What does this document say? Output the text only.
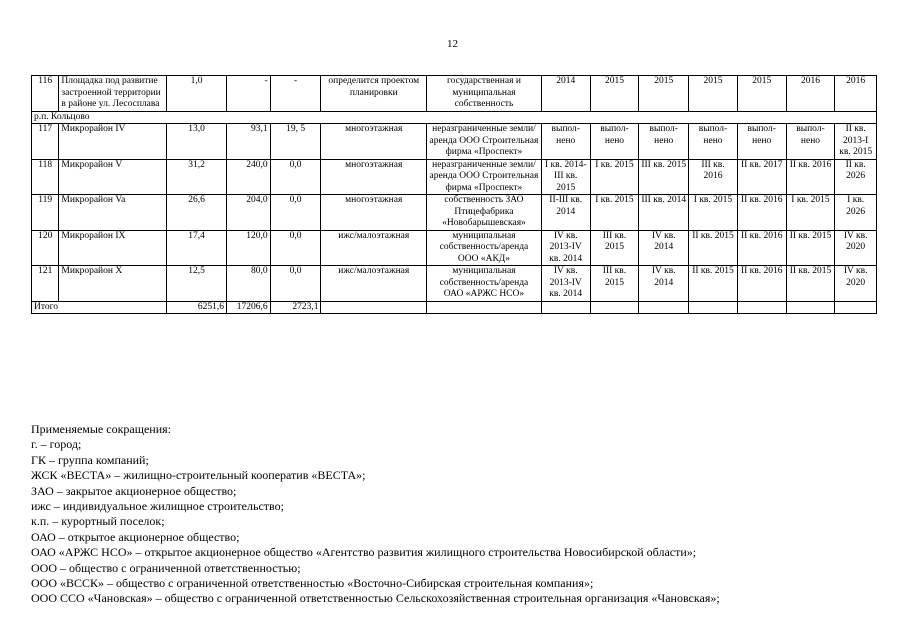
12
116	Площадка под развитие застроенной территории в районе ул. Лесосплава	1,0	-	-	определится проектом планировки	государственная и муниципальная собственность	2014	2015	2015	2015	2015	2016	2016
р.п. Кольцово													
117	Микрорайон IV	13,0	93,1	19, 5	многоэтажная	неразграниченные земли/аренда ООО Строительная фирма «Проспект»	выпол-нено	выпол-нено	выпол-нено	выпол-нено	выпол-нено	выпол-нено	II кв. 2013-I кв. 2015
118	Микрорайон V	31,2	240,0	0,0	многоэтажная	неразграниченные земли/аренда ООО Строительная фирма «Проспект»	I кв. 2014-III кв. 2015	I кв. 2015	III кв. 2015	III кв. 2016	II кв. 2017	II кв. 2016	II кв. 2026
119	Микрорайон Va	26,6	204,0	0,0	многоэтажная	собственность ЗАО Птицефабрика «Новобарышевская»	II-III кв. 2014	I кв. 2015	III кв. 2014	I кв. 2015	II кв. 2016	I кв. 2015	I кв. 2026
120	Микрорайон IX	17,4	120,0	0,0	ижс/малоэтажная	муниципальная собственность/аренда ООО «АКД»	IV кв. 2013-IV кв. 2014	III кв. 2015	IV кв. 2014	II кв. 2015	II кв. 2016	II кв. 2015	IV кв. 2020
121	Микрорайон X	12,5	80,0	0,0	ижс/малоэтажная	муниципальная собственность/аренда ОАО «АРЖС НСО»	IV кв. 2013-IV кв. 2014	III кв. 2015	IV кв. 2014	II кв. 2015	II кв. 2016	II кв. 2015	IV кв. 2020
Итого		6251,6	17206,6	2723,1									
Применяемые сокращения:
г. – город;
ГК – группа компаний;
ЖСК «ВЕСТА» – жилищно-строительный кооператив «ВЕСТА»;
ЗАО – закрытое акционерное общество;
ижс – индивидуальное жилищное строительство;
к.п. – курортный поселок;
ОАО – открытое акционерное общество;
ОАО «АРЖС НСО» – открытое акционерное общество «Агентство развития жилищного строительства Новосибирской области»;
ООО – общество с ограниченной ответственностью;
ООО «ВССК» – общество с ограниченной ответственностью «Восточно-Сибирская строительная компания»;
ООО ССО «Чановская» – общество с ограниченной ответственностью Сельскохозяйственная строительная организация «Чановская»;
